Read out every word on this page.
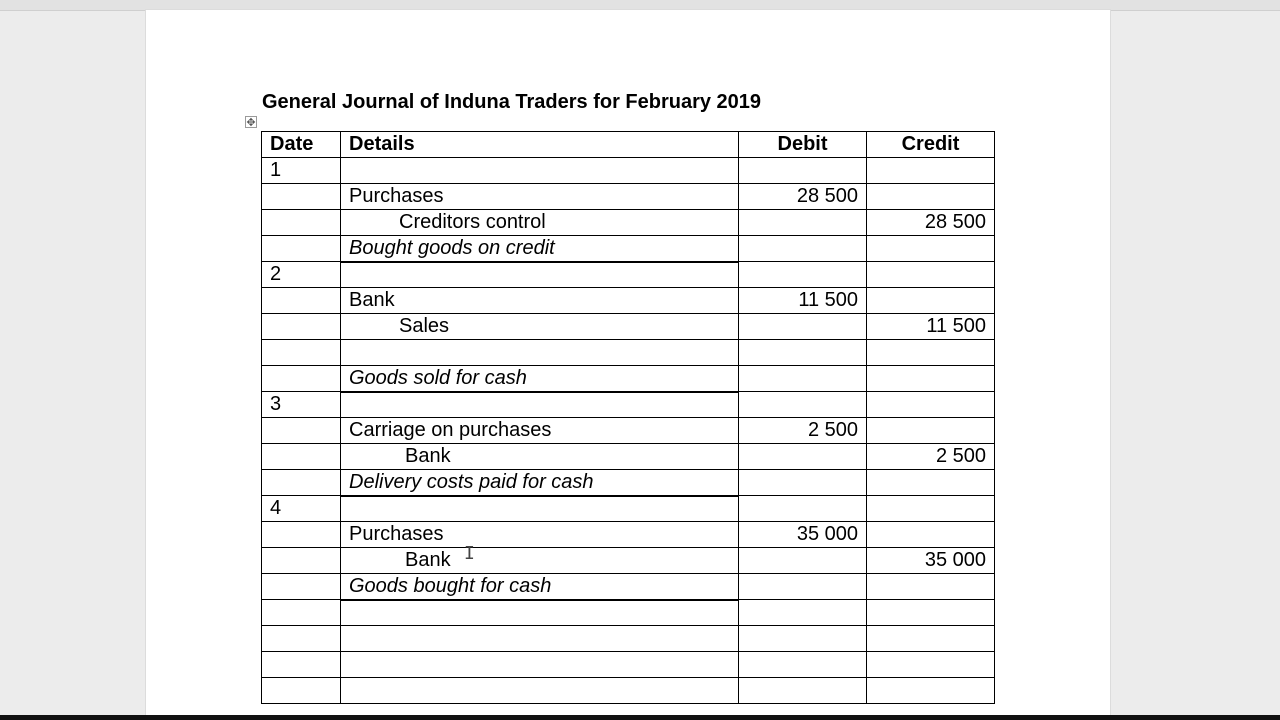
General Journal of Induna Traders for February 2019
✥
Date	Details	Debit	Credit
1			
	Purchases	28 500	
	Creditors control		28 500
	Bought goods on credit		
2			
	Bank	11 500	
	Sales		11 500

	Goods sold for cash		
3			
	Carriage on purchases	2 500	
	Bank		2 500
	Delivery costs paid for cash		
4			
	Purchases	35 000	
	Bank		35 000
	Goods bought for cash		

I
